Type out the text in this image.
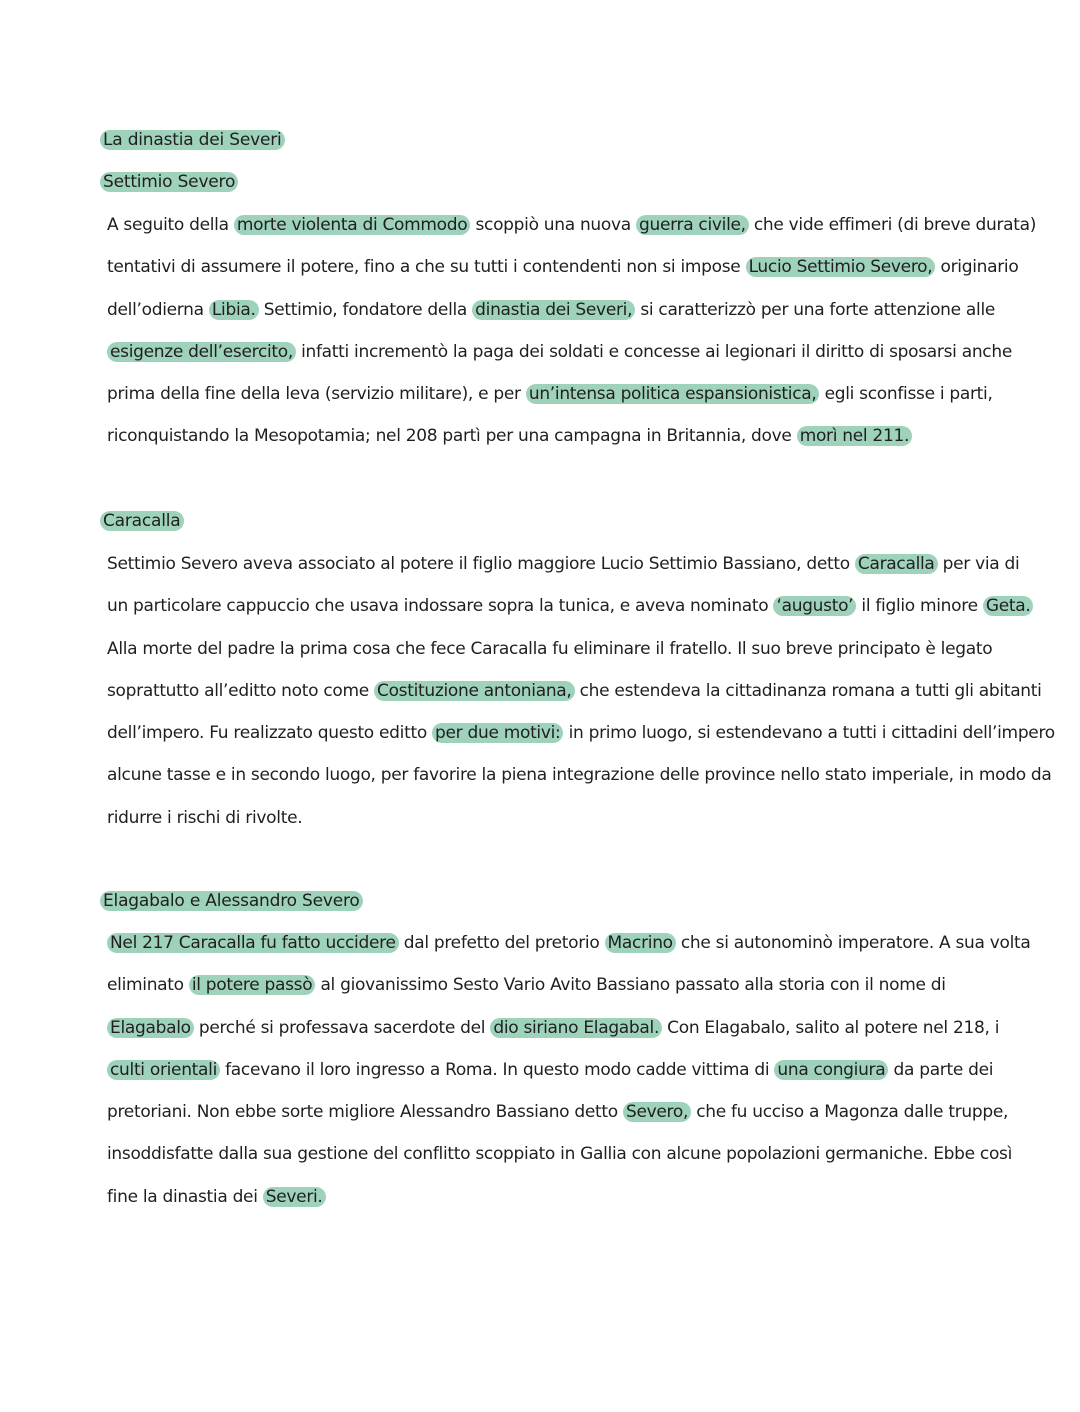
La dinastia dei Severi
Settimio Severo
A seguito della morte violenta di Commodo scoppiò una nuova guerra civile, che vide effimeri (di breve durata)
tentativi di assumere il potere, fino a che su tutti i contendenti non si impose Lucio Settimio Severo, originario
dell’odierna Libia. Settimio, fondatore della dinastia dei Severi, si caratterizzò per una forte attenzione alle
esigenze dell’esercito, infatti incrementò la paga dei soldati e concesse ai legionari il diritto di sposarsi anche
prima della fine della leva (servizio militare), e per un’intensa politica espansionistica, egli sconfisse i parti,
riconquistando la Mesopotamia; nel 208 partì per una campagna in Britannia, dove morì nel 211.
Caracalla
Settimio Severo aveva associato al potere il figlio maggiore Lucio Settimio Bassiano, detto Caracalla per via di
un particolare cappuccio che usava indossare sopra la tunica, e aveva nominato ‘augusto’ il figlio minore Geta.
Alla morte del padre la prima cosa che fece Caracalla fu eliminare il fratello. Il suo breve principato è legato
soprattutto all’editto noto come Costituzione antoniana, che estendeva la cittadinanza romana a tutti gli abitanti
dell’impero. Fu realizzato questo editto per due motivi: in primo luogo, si estendevano a tutti i cittadini dell’impero
alcune tasse e in secondo luogo, per favorire la piena integrazione delle province nello stato imperiale, in modo da
ridurre i rischi di rivolte.
Elagabalo e Alessandro Severo
Nel 217 Caracalla fu fatto uccidere dal prefetto del pretorio Macrino che si autonominò imperatore. A sua volta
eliminato il potere passò al giovanissimo Sesto Vario Avito Bassiano passato alla storia con il nome di
Elagabalo perché si professava sacerdote del dio siriano Elagabal. Con Elagabalo, salito al potere nel 218, i
culti orientali facevano il loro ingresso a Roma. In questo modo cadde vittima di una congiura da parte dei
pretoriani. Non ebbe sorte migliore Alessandro Bassiano detto Severo, che fu ucciso a Magonza dalle truppe,
insoddisfatte dalla sua gestione del conflitto scoppiato in Gallia con alcune popolazioni germaniche. Ebbe così
fine la dinastia dei Severi.
